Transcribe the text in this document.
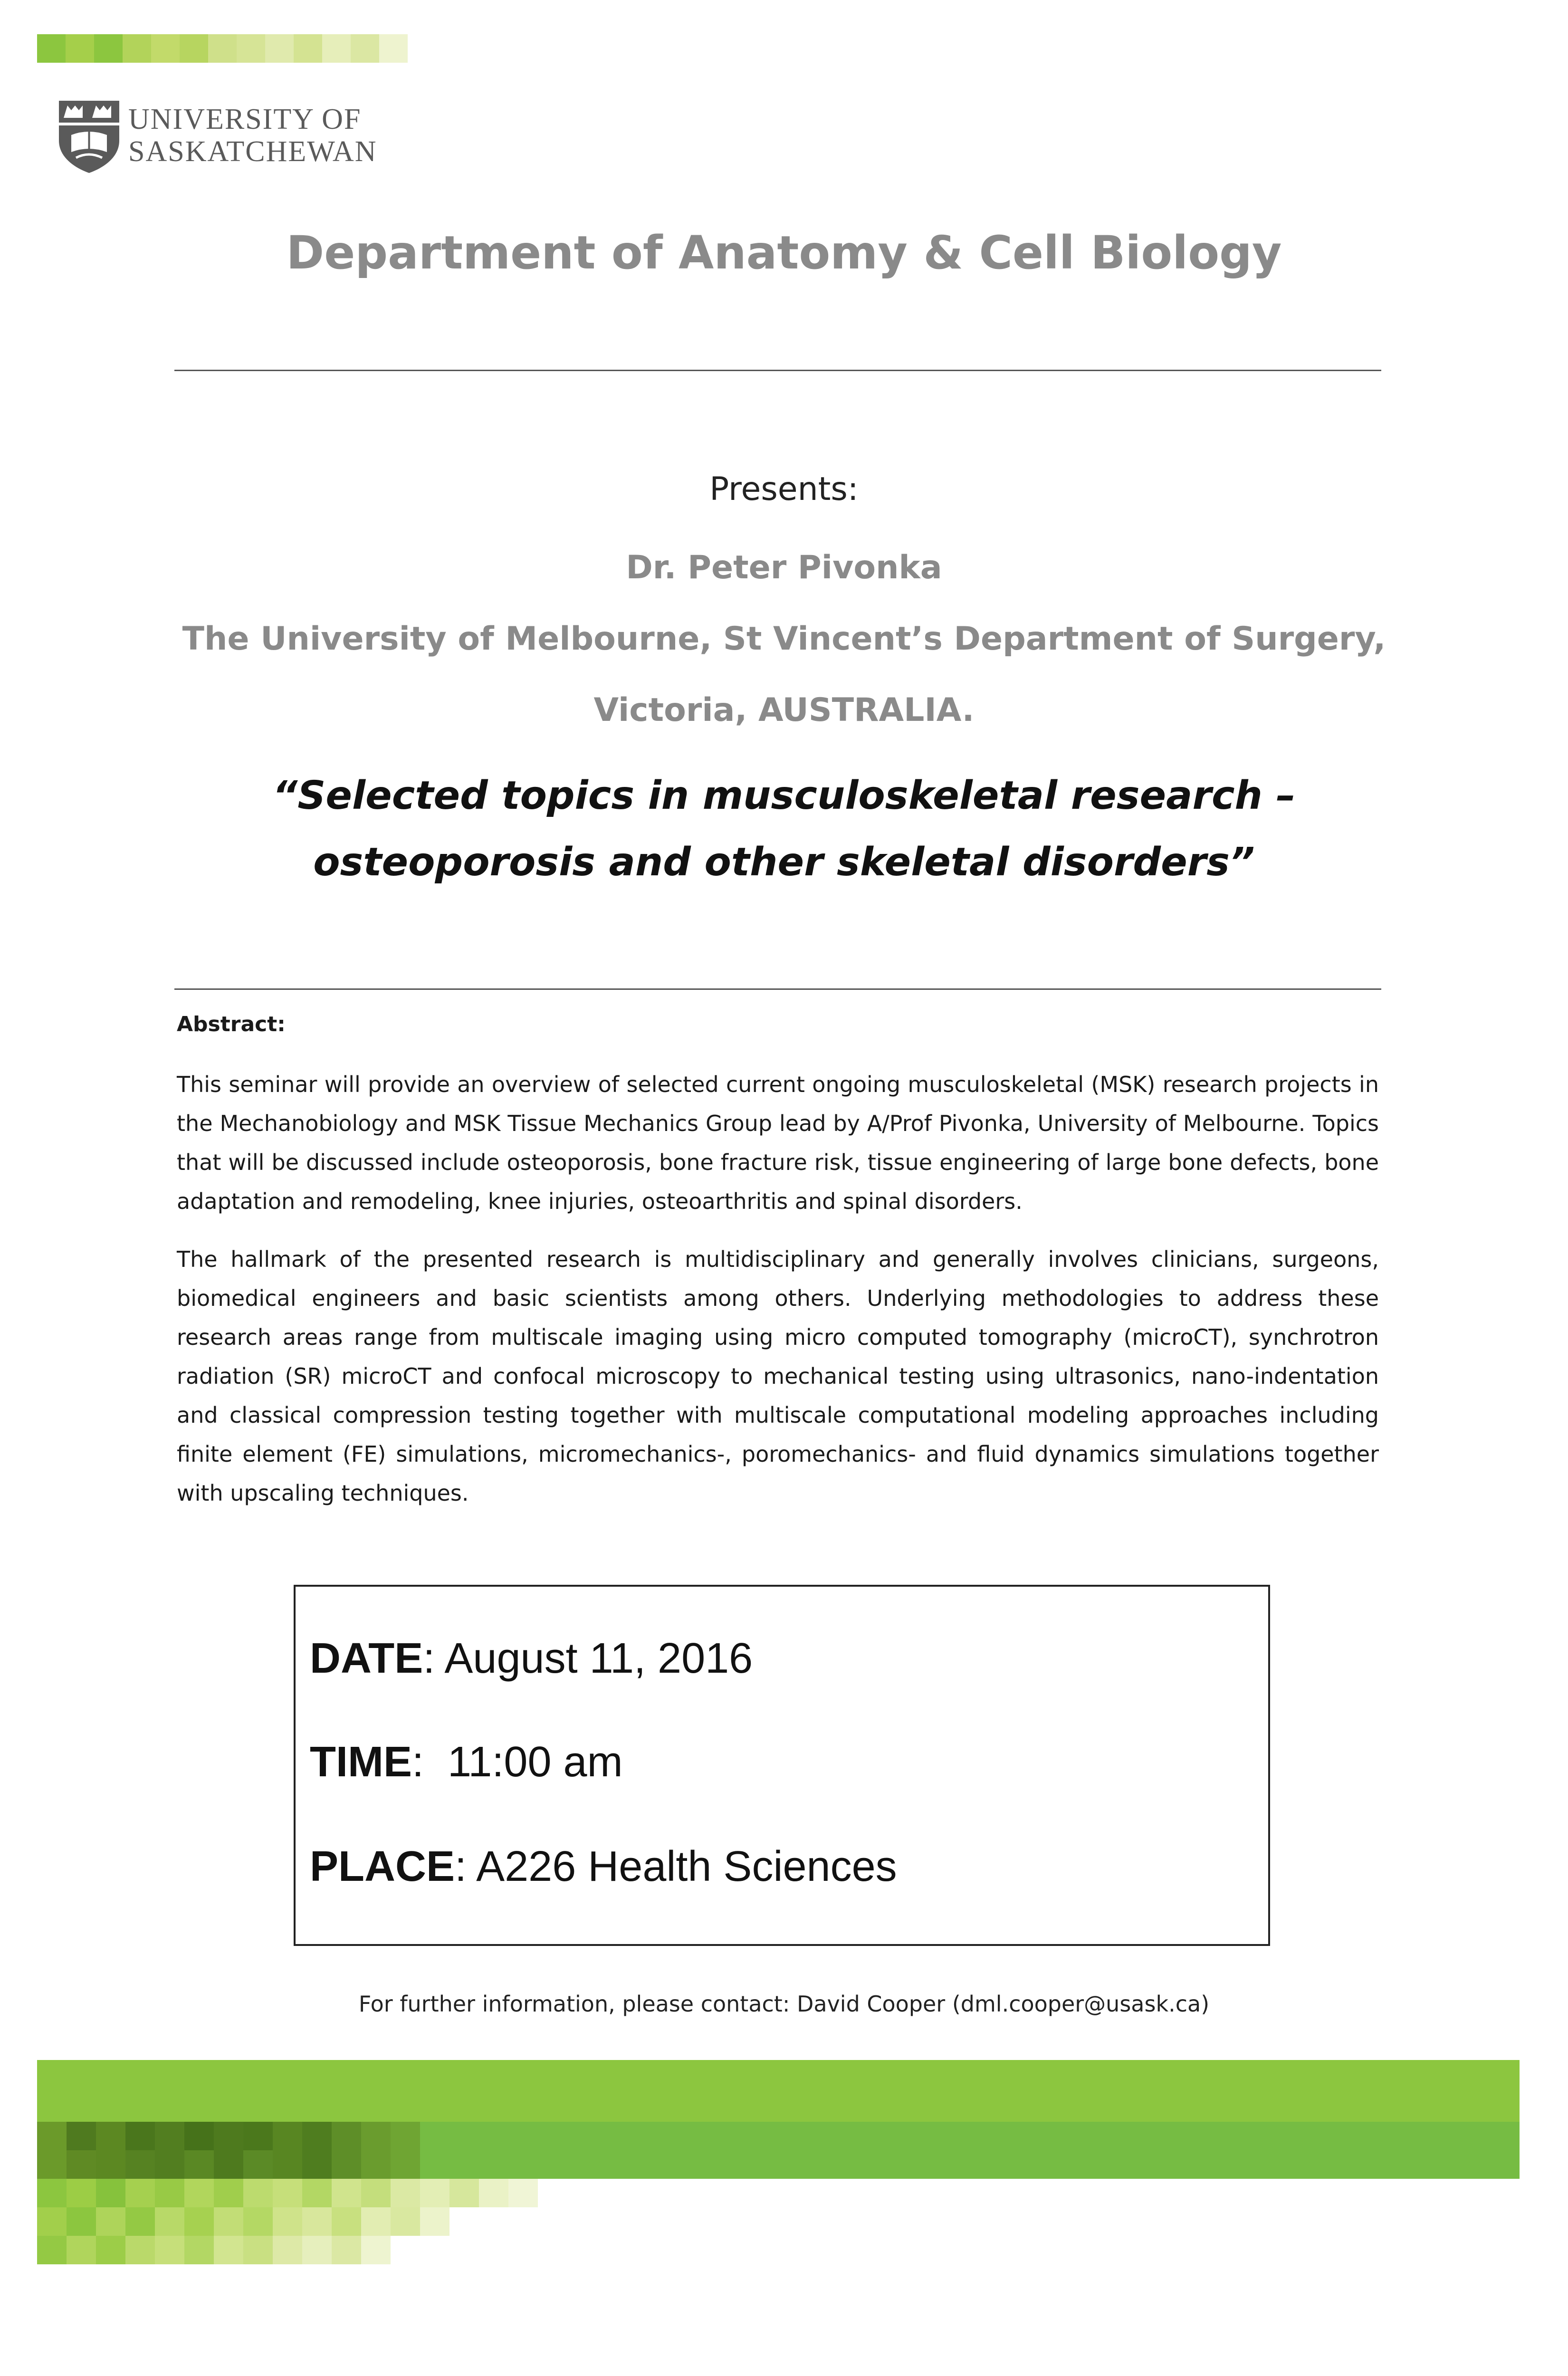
UNIVERSITY OF
SASKATCHEWAN
Department of Anatomy & Cell Biology
Presents:
Dr. Peter Pivonka
The University of Melbourne, St Vincent’s Department of Surgery,
Victoria, AUSTRALIA.
“Selected topics in musculoskeletal research –
osteoporosis and other skeletal disorders”
Abstract:

This seminar will provide an overview of selected current ongoing musculoskeletal (MSK) research projects in the Mechanobiology and MSK Tissue Mechanics Group lead by A/Prof Pivonka, University of Melbourne. Topics that will be discussed include osteoporosis, bone fracture risk, tissue engineering of large bone defects, bone adaptation and remodeling, knee injuries, osteoarthritis and spinal disorders.

The hallmark of the presented research is multidisciplinary and generally involves clinicians, surgeons, biomedical engineers and basic scientists among others. Underlying methodologies to address these research areas range from multiscale imaging using micro computed tomography (microCT), synchrotron radiation (SR) microCT and confocal microscopy to mechanical testing using ultrasonics, nano-indentation and classical compression testing together with multiscale computational modeling approaches including finite element (FE) simulations, micromechanics-, poromechanics- and fluid dynamics simulations together with upscaling techniques.

DATE: August 11, 2016
TIME:  11:00 am
PLACE: A226 Health Sciences
For further information, please contact: David Cooper (dml.cooper@usask.ca)
